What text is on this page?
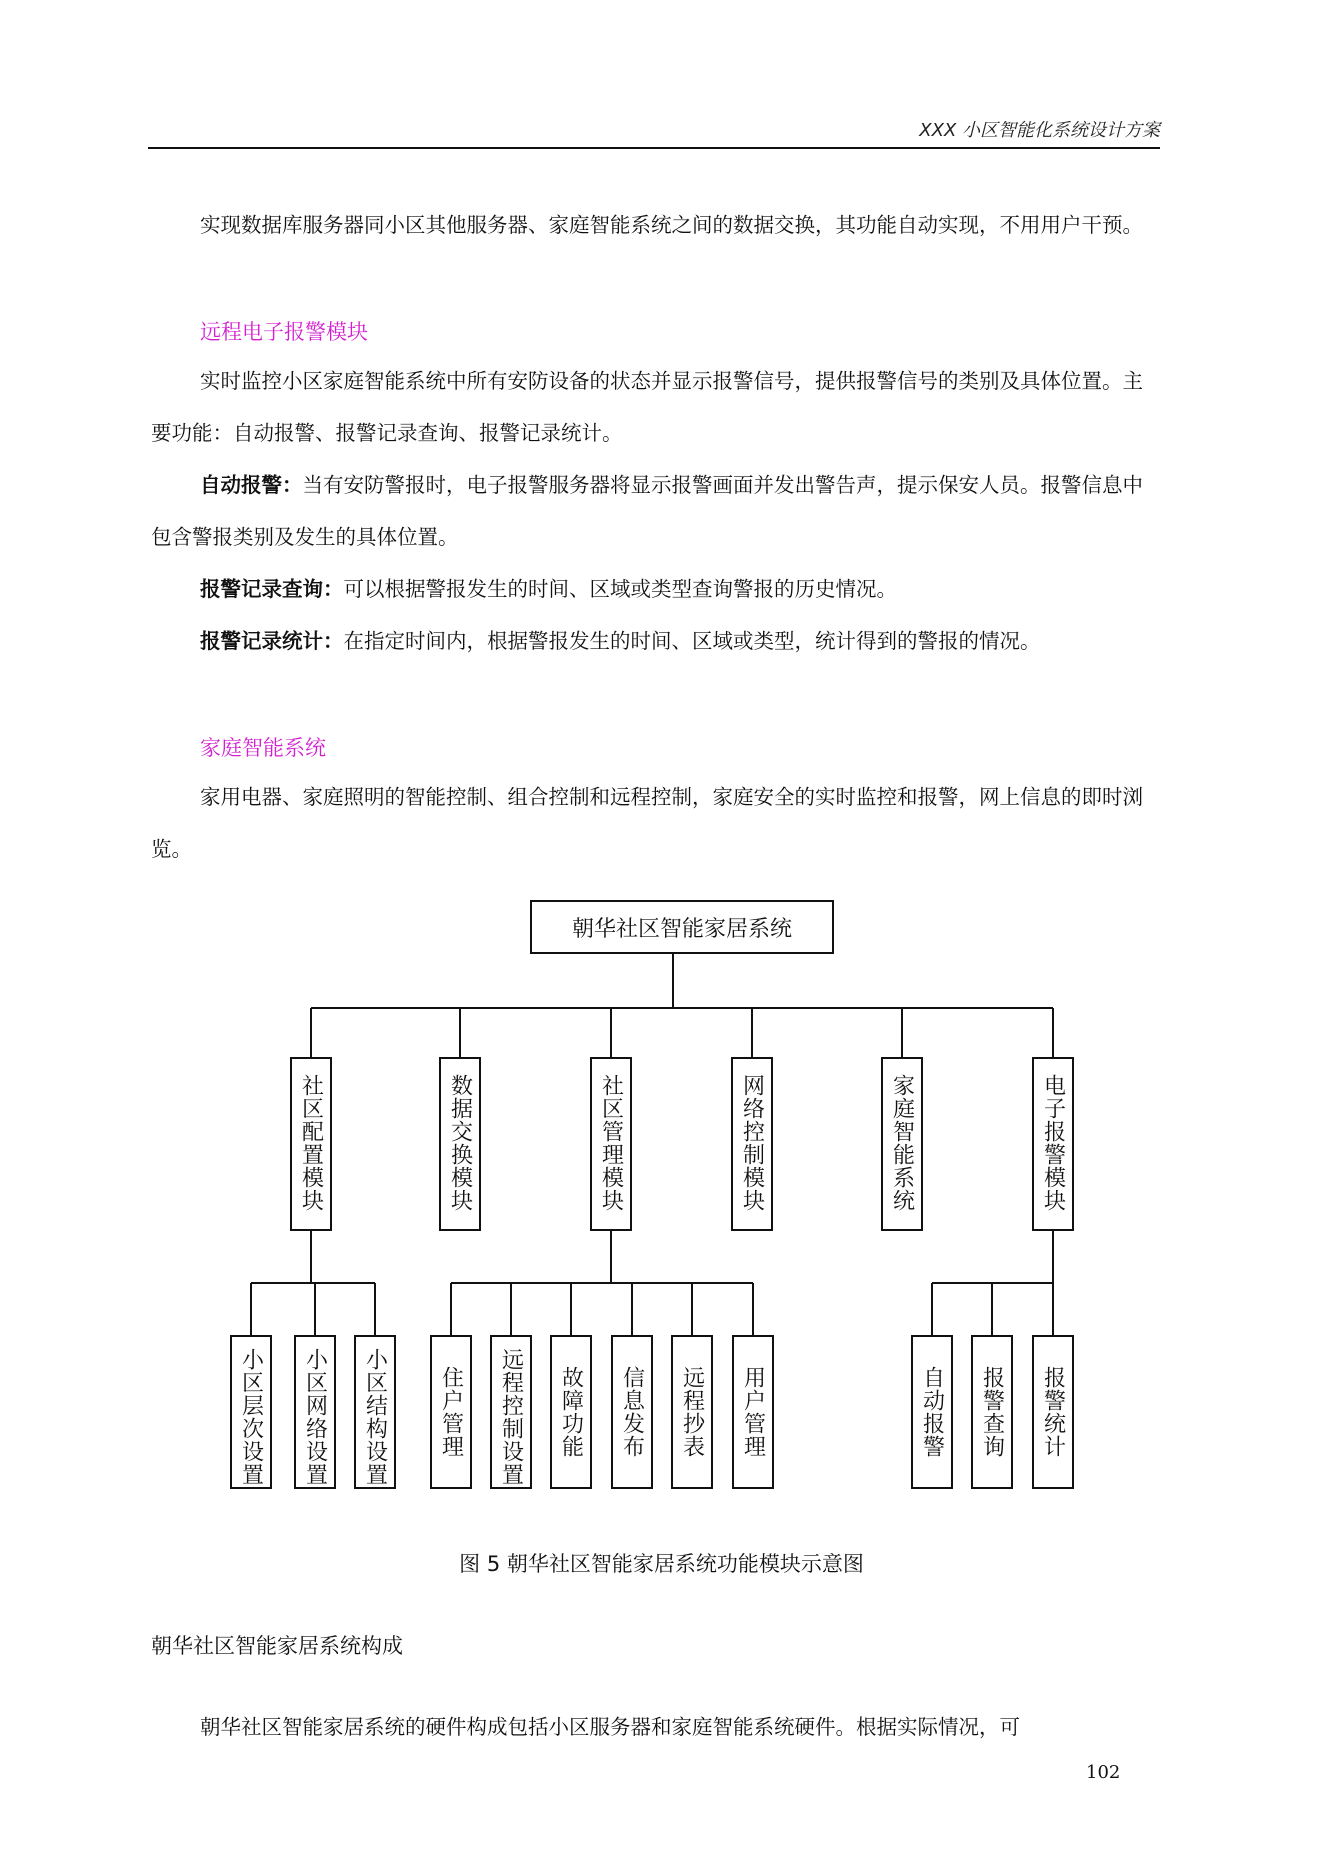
XXX 小区智能化系统设计方案

实现数据库服务器同小区其他服务器、家庭智能系统之间的数据交换，其功能自动实现，不用用户干预。

远程电子报警模块

实时监控小区家庭智能系统中所有安防设备的状态并显示报警信号，提供报警信号的类别及具体位置。主要功能：自动报警、报警记录查询、报警记录统计。

自动报警：当有安防警报时，电子报警服务器将显示报警画面并发出警告声，提示保安人员。报警信息中包含警报类别及发生的具体位置。

报警记录查询：可以根据警报发生的时间、区域或类型查询警报的历史情况。

报警记录统计：在指定时间内，根据警报发生的时间、区域或类型，统计得到的警报的情况。

家庭智能系统

家用电器、家庭照明的智能控制、组合控制和远程控制，家庭安全的实时监控和报警，网上信息的即时浏览。

朝华社区智能家居系统
社区配置模块	数据交换模块	社区管理模块	网络控制模块	家庭智能系统	电子报警模块
小区层次设置 小区网络设置 小区结构设置 住户管理 远程控制设置 故障功能 信息发布 远程抄表 用户管理	自动报警 报警查询 报警统计
图 5 朝华社区智能家居系统功能模块示意图

朝华社区智能家居系统构成

朝华社区智能家居系统的硬件构成包括小区服务器和家庭智能系统硬件。根据实际情况，可

102
